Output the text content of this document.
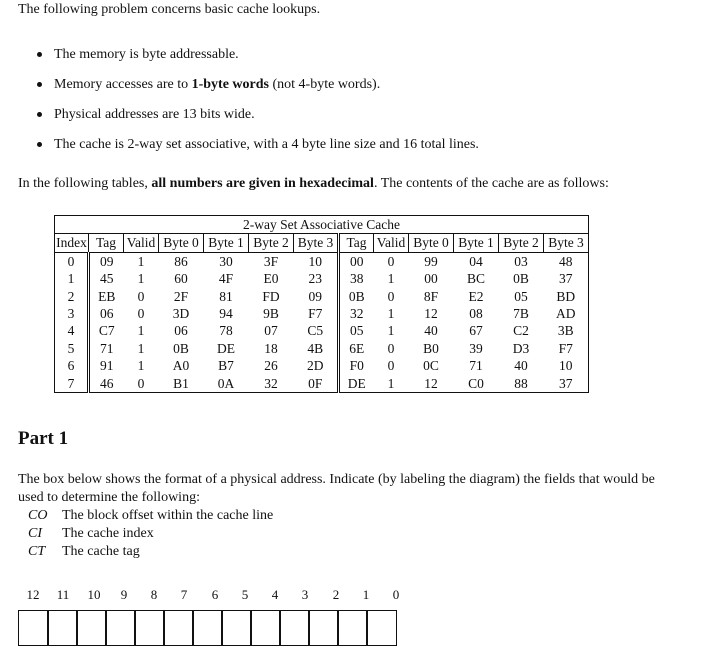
The following problem concerns basic cache lookups.
The memory is byte addressable.
Memory accesses are to 1-byte words (not 4-byte words).
Physical addresses are 13 bits wide.
The cache is 2-way set associative, with a 4 byte line size and 16 total lines.
In the following tables, all numbers are given in hexadecimal. The contents of the cache are as follows:
2-way Set Associative Cache												
Index	Tag	Valid	Byte 0	Byte 1	Byte 2	Byte 3	Tag	Valid	Byte 0	Byte 1	Byte 2	Byte 3
0	09	1	86	30	3F	10	00	0	99	04	03	48
1	45	1	60	4F	E0	23	38	1	00	BC	0B	37
2	EB	0	2F	81	FD	09	0B	0	8F	E2	05	BD
3	06	0	3D	94	9B	F7	32	1	12	08	7B	AD
4	C7	1	06	78	07	C5	05	1	40	67	C2	3B
5	71	1	0B	DE	18	4B	6E	0	B0	39	D3	F7
6	91	1	A0	B7	26	2D	F0	0	0C	71	40	10
7	46	0	B1	0A	32	0F	DE	1	12	C0	88	37
Part 1
The box below shows the format of a physical address. Indicate (by labeling the diagram) the fields that would be used to determine the following:
CO The block offset within the cache line
CI The cache index
CT The cache tag
12	11	10	9	8	7	6	5	4	3	2	1	0
